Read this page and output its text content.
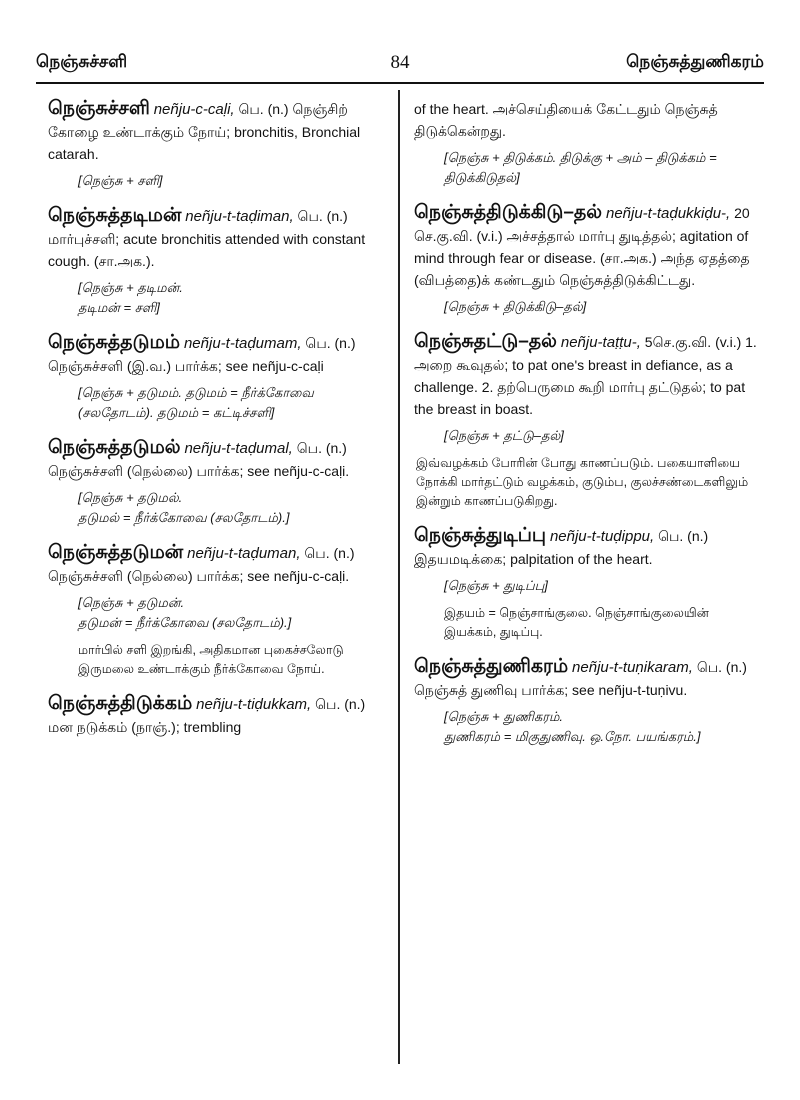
நெஞ்சுச்சளி	84	நெஞ்சுத்துணிகரம்
நெஞ்சுச்சளி neñju-c-caḷi, பெ. (n.) நெஞ்சிற் கோழை உண்டாக்கும் நோய்; bronchitis, Bronchial catarah.
[நெஞ்சு + சளி]
நெஞ்சுத்தடிமன் neñju-t-taḍiman, பெ. (n.) மார்புச்சளி; acute bronchitis attended with constant cough. (சா.அக.).
[நெஞ்சு + தடிமன்.
தடிமன் = சளி]
நெஞ்சுத்தடுமம் neñju-t-taḍumam, பெ. (n.) நெஞ்சுச்சளி (இ.வ.) பார்க்க; see neñju-c-caḷi
[நெஞ்சு + தடுமம். தடுமம் = நீர்க்கோவை (சலதோடம்). தடுமம் = கட்டிச்சளி]
நெஞ்சுத்தடுமல் neñju-t-taḍumal, பெ. (n.) நெஞ்சுச்சளி (நெல்லை) பார்க்க; see neñju-c-caḷi.
[நெஞ்சு + தடுமல்.
தடுமல் = நீர்க்கோவை (சலதோடம்).]
நெஞ்சுத்தடுமன் neñju-t-taḍuman, பெ. (n.) நெஞ்சுச்சளி (நெல்லை) பார்க்க; see neñju-c-caḷi.
[நெஞ்சு + தடுமன்.
தடுமன் = நீர்க்கோவை (சலதோடம்).]
மார்பில் சளி இறங்கி, அதிகமான புகைச்சலோடு இருமலை உண்டாக்கும் நீர்க்கோவை நோய்.
நெஞ்சுத்திடுக்கம் neñju-t-tiḍukkam, பெ. (n.) மன நடுக்கம் (நாஞ்.); trembling
of the heart. அச்செய்தியைக் கேட்டதும் நெஞ்சுத் திடுக்கென்றது.
[நெஞ்சு + திடுக்கம். திடுக்கு + அம் – திடுக்கம் = திடுக்கிடுதல்]
நெஞ்சுத்திடுக்கிடு–தல் neñju-t-taḍukkiḍu-, 20 செ.கு.வி. (v.i.) அச்சத்தால் மார்பு துடித்தல்; agitation of mind through fear or disease. (சா.அக.) அந்த ஏதத்தை (விபத்தை)க் கண்டதும் நெஞ்சுத்திடுக்கிட்டது.
[நெஞ்சு + திடுக்கிடு–தல்]
நெஞ்சுதட்டு–தல் neñju-taṭṭu-, 5செ.கு.வி. (v.i.) 1. அறை கூவுதல்; to pat one's breast in defiance, as a challenge. 2. தற்பெருமை கூறி மார்பு தட்டுதல்; to pat the breast in boast.
[நெஞ்சு + தட்டு–தல்]
இவ்வழக்கம் போரின் போது காணப்படும். பகையாளியை நோக்கி மார்தட்டும் வழக்கம், குடும்ப, குலச்சண்டைகளிலும் இன்றும் காணப்படுகிறது.
நெஞ்சுத்துடிப்பு neñju-t-tuḍippu, பெ. (n.) இதயமடிக்கை; palpitation of the heart.
[நெஞ்சு + துடிப்பு]
இதயம் = நெஞ்சாங்குலை. நெஞ்சாங்குலையின் இயக்கம், துடிப்பு.
நெஞ்சுத்துணிகரம் neñju-t-tuṇikaram, பெ. (n.) நெஞ்சுத் துணிவு பார்க்க; see neñju-t-tuṇivu.
[நெஞ்சு + துணிகரம்.
துணிகரம் = மிகுதுணிவு. ஒ.நோ. பயங்கரம்.]
